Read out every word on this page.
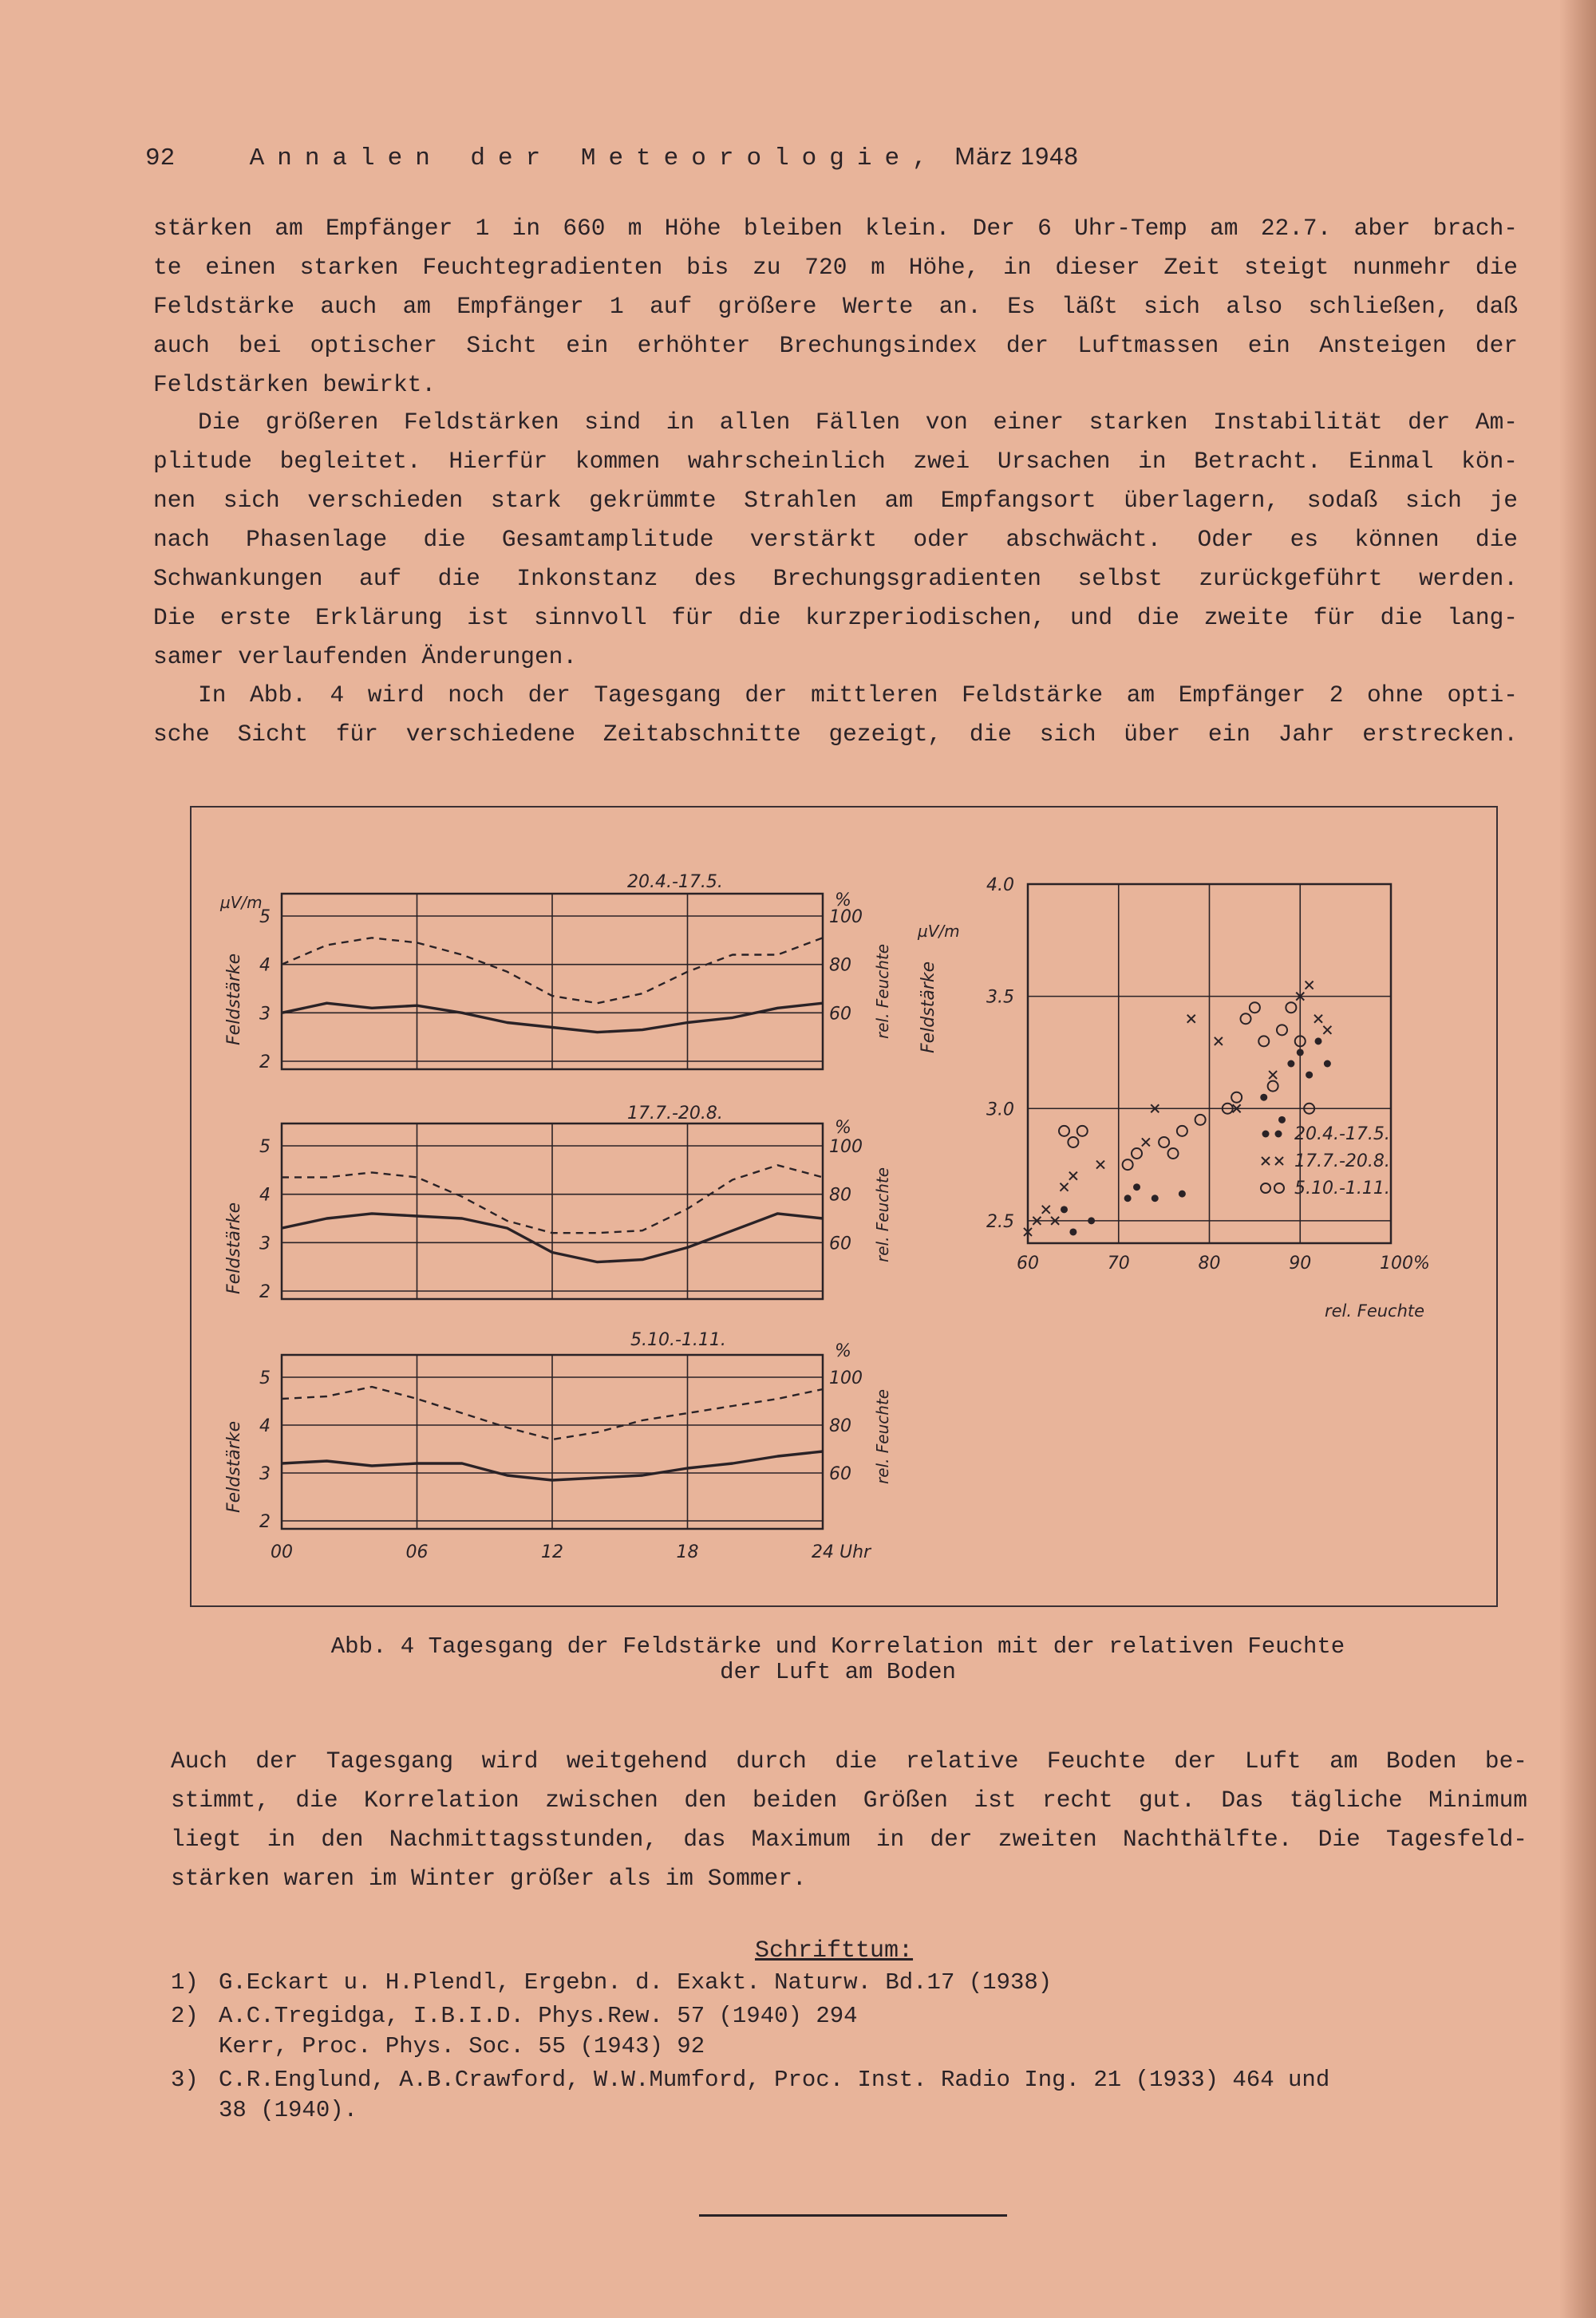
92	Annalen der Meteorologie, März 1948
stärken am Empfänger 1 in 660 m Höhe bleiben klein. Der 6 Uhr-Temp am 22.7. aber brach-
te einen starken Feuchtegradienten bis zu 720 m Höhe, in dieser Zeit steigt nunmehr die
Feldstärke auch am Empfänger 1 auf größere Werte an. Es läßt sich also schließen, daß
auch bei optischer Sicht ein erhöhter Brechungsindex der Luftmassen ein Ansteigen der
Feldstärken bewirkt.
Die größeren Feldstärken sind in allen Fällen von einer starken Instabilität der Am-
plitude begleitet. Hierfür kommen wahrscheinlich zwei Ursachen in Betracht. Einmal kön-
nen sich verschieden stark gekrümmte Strahlen am Empfangsort überlagern, sodaß sich je
nach Phasenlage die Gesamtamplitude verstärkt oder abschwächt. Oder es können die
Schwankungen auf die Inkonstanz des Brechungsgradienten selbst zurückgeführt werden.
Die erste Erklärung ist sinnvoll für die kurzperiodischen, und die zweite für die lang-
samer verlaufenden Änderungen.
In Abb. 4 wird noch der Tagesgang der mittleren Feldstärke am Empfänger 2 ohne opti-
sche Sicht für verschiedene Zeitabschnitte gezeigt, die sich über ein Jahr erstrecken.
20.4.-17.5.
µV/m
Feldstärke	rel. Feuchte
%
2
3
4
5
60
80
100
17.7.-20.8.
Feldstärke	rel. Feuchte
%
2
3
4
5
60
80
100
5.10.-1.11.
Feldstärke	rel. Feuchte
%
2
3
4
5
60
80
100
00	06	12	18	24 Uhr
Feldstärke
µV/m
rel. Feuchte
60	70	80	90	100%
2.5
3.0
3.5
4.0
20.4.-17.5.
17.7.-20.8.
5.10.-1.11.
Abb. 4 Tagesgang der Feldstärke und Korrelation mit der relativen Feuchte
der Luft am Boden
Auch der Tagesgang wird weitgehend durch die relative Feuchte der Luft am Boden be-
stimmt, die Korrelation zwischen den beiden Größen ist recht gut. Das tägliche Minimum
liegt in den Nachmittagsstunden, das Maximum in der zweiten Nachthälfte. Die Tagesfeld-
stärken waren im Winter größer als im Sommer.
Schrifttum:
1) G.Eckart u. H.Plendl, Ergebn. d. Exakt. Naturw. Bd.17 (1938)
2) A.C.Tregidga, I.B.I.D. Phys.Rew. 57 (1940) 294
Kerr, Proc. Phys. Soc. 55 (1943) 92
3) C.R.Englund, A.B.Crawford, W.W.Mumford, Proc. Inst. Radio Ing. 21 (1933) 464 und
38 (1940).
